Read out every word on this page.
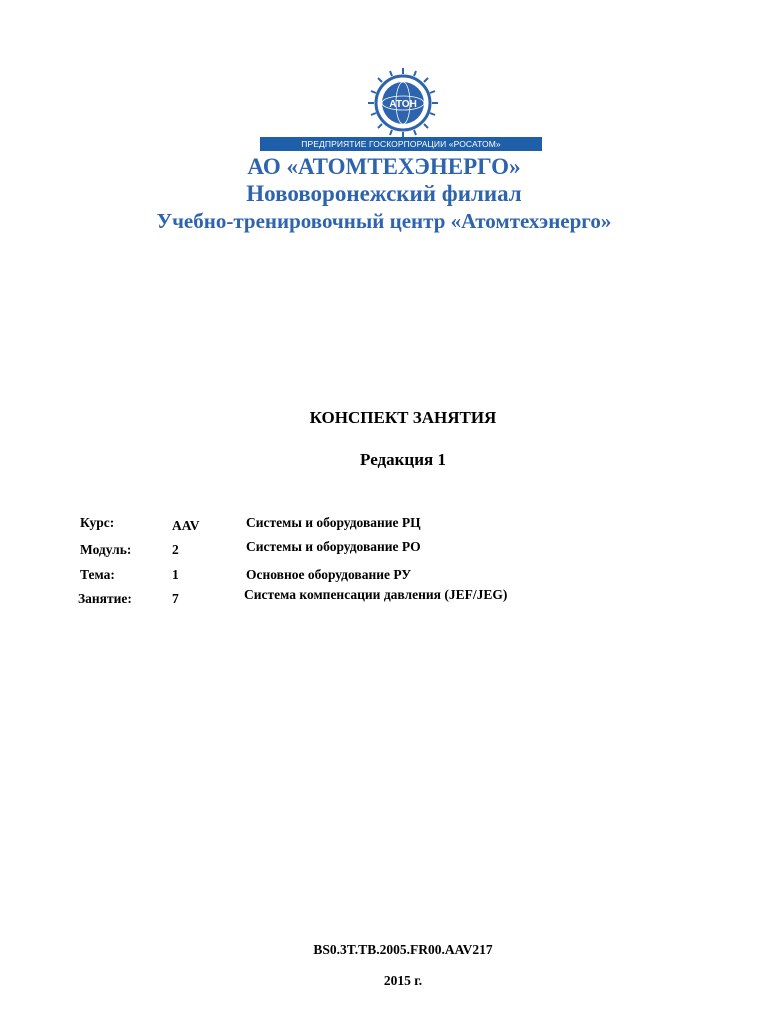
АТОН
ПРЕДПРИЯТИЕ ГОСКОРПОРАЦИИ «РОСАТОМ»
АО «АТОМТЕХЭНЕРГО»
Нововоронежский филиал
Учебно-тренировочный центр «Атомтехэнерго»
КОНСПЕКТ ЗАНЯТИЯ
Редакция 1
Курс:	AAV	Системы и оборудование РЦ
Модуль:	2	Системы и оборудование РО
Тема:	1	Основное оборудование РУ
Занятие:	7	Система компенсации давления (JEF/JEG)
BS0.3T.TB.2005.FR00.AAV217
2015 г.
